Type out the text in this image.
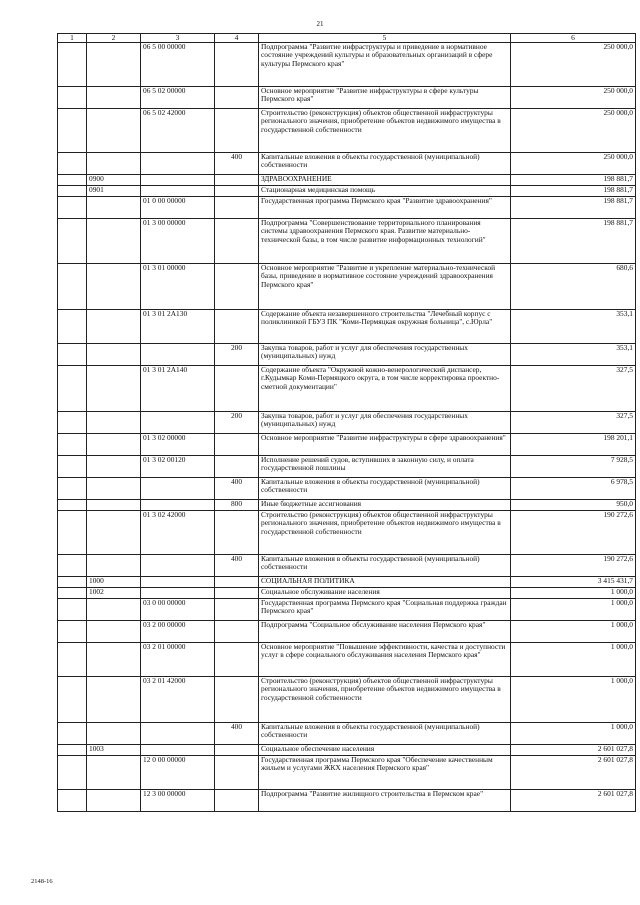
21
1	2	3	4	5	6
		06 5 00 00000		Подпрограмма "Развитие инфраструктуры и приведение в нормативное состояние учреждений культуры и образовательных организаций в сфере культуры Пермского края"	250 000,0
		06 5 02 00000		Основное мероприятие "Развитие инфраструктуры в сфере культуры Пермского края"	250 000,0
		06 5 02 42000		Строительство (реконструкция) объектов общественной инфраструктуры регионального значения, приобретение объектов недвижимого имущества в государственной собственности	250 000,0
			400	Капитальные вложения в объекты государственной (муниципальной) собственности	250 000,0
	0900			ЗДРАВООХРАНЕНИЕ	198 881,7
	0901			Стационарная медицинская помощь	198 881,7
		01 0 00 00000		Государственная программа Пермского края "Развитие здравоохранения"	198 881,7
		01 3 00 00000		Подпрограмма "Совершенствование территориального планирования системы здравоохранения Пермского края. Развитие материально-технической базы, в том числе развитие информационных технологий"	198 881,7
		01 3 01 00000		Основное мероприятие "Развитие и укрепление материально-технической базы, приведение в нормативное состояние учреждений здравоохранения Пермского края"	680,6
		01 3 01 2А130		Содержание объекта незавершенного строительства "Лечебный корпус с поликлиникой ГБУЗ ПК "Коми-Пермяцкая окружная больница", с.Юрла"	353,1
			200	Закупка товаров, работ и услуг для обеспечения государственных (муниципальных) нужд	353,1
		01 3 01 2А140		Содержание объекта "Окружной кожно-венерологический диспансер, г.Кудымкар Коми-Пермяцкого округа, в том числе корректировка проектно-сметной документации"	327,5
			200	Закупка товаров, работ и услуг для обеспечения государственных (муниципальных) нужд	327,5
		01 3 02 00000		Основное мероприятие "Развитие инфраструктуры в сфере здравоохранения"	198 201,1
		01 3 02 00120		Исполнение решений судов, вступивших в законную силу, и оплата государственной пошлины	7 928,5
			400	Капитальные вложения в объекты государственной (муниципальной) собственности	6 978,5
			800	Иные бюджетные ассигнования	950,0
		01 3 02 42000		Строительство (реконструкция) объектов общественной инфраструктуры регионального значения, приобретение объектов недвижимого имущества в государственной собственности	190 272,6
			400	Капитальные вложения в объекты государственной (муниципальной) собственности	190 272,6
	1000			СОЦИАЛЬНАЯ ПОЛИТИКА	3 415 431,7
	1002			Социальное обслуживание населения	1 000,0
		03 0 00 00000		Государственная программа Пермского края "Социальная поддержка граждан Пермского края"	1 000,0
		03 2 00 00000		Подпрограмма "Социальное обслуживание населения Пермского края"	1 000,0
		03 2 01 00000		Основное мероприятие "Повышение эффективности, качества и доступности услуг в сфере социального обслуживания населения Пермского края"	1 000,0
		03 2 01 42000		Строительство (реконструкция) объектов общественной инфраструктуры регионального значения, приобретение объектов недвижимого имущества в государственной собственности	1 000,0
			400	Капитальные вложения в объекты государственной (муниципальной) собственности	1 000,0
	1003			Социальное обеспечение населения	2 601 027,8
		12 0 00 00000		Государственная программа Пермского края "Обеспечение качественным жильем и услугами ЖКХ населения Пермского края"	2 601 027,8
		12 3 00 00000		Подпрограмма "Развитие жилищного строительства в Пермском крае"	2 601 027,8
2148-16
